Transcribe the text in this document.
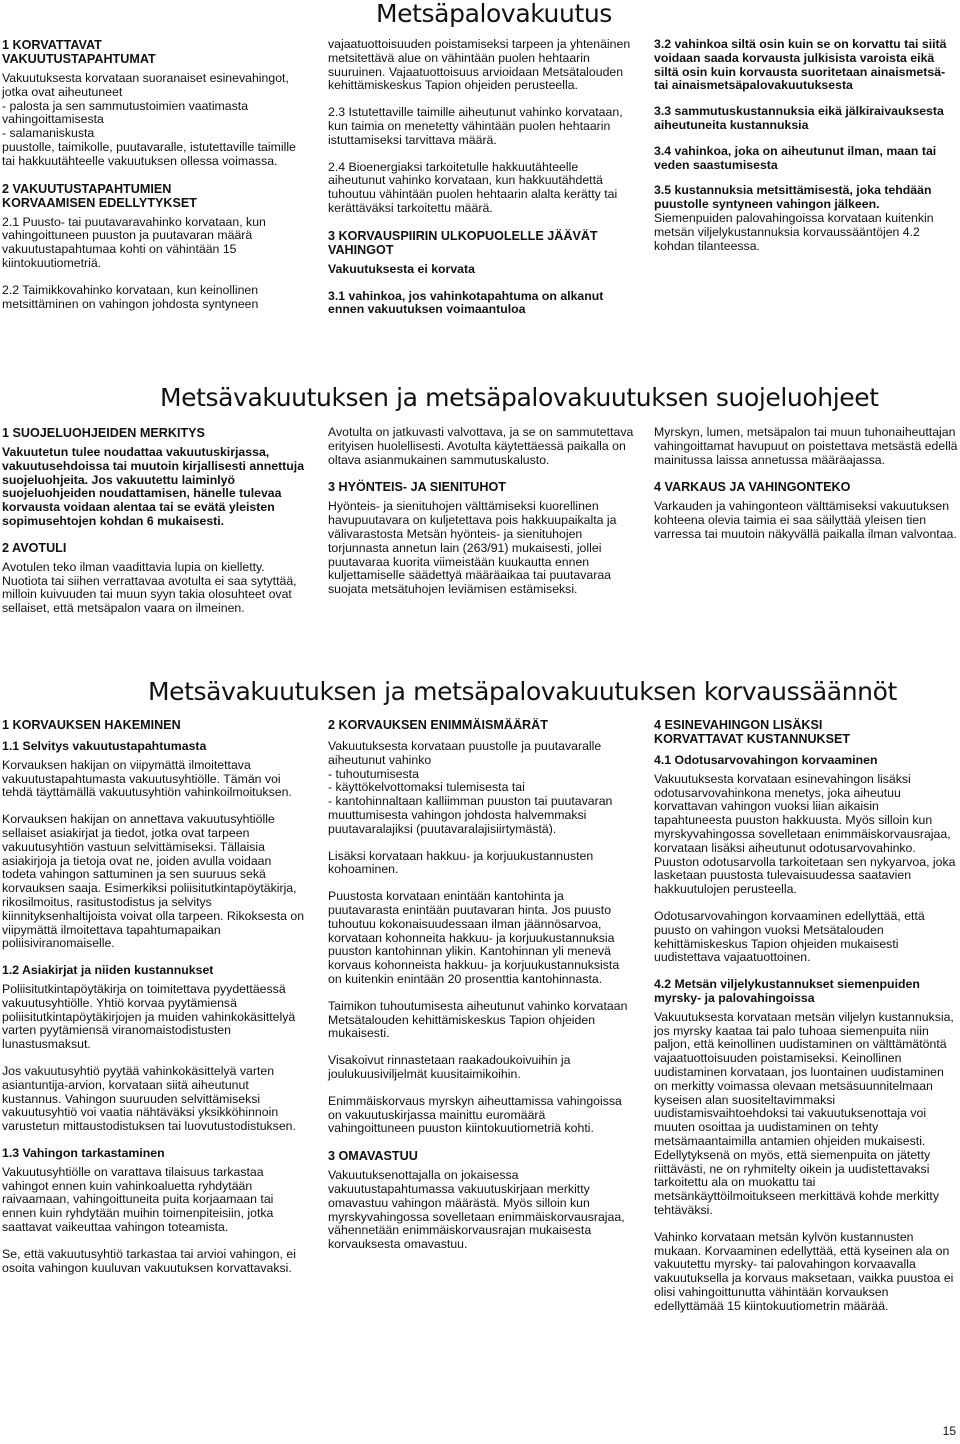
Metsäpalovakuutus
1 KORVATTAVAT VAKUUTUSTAPAHTUMAT

Vakuutuksesta korvataan suoranaiset esinevahingot, jotka ovat aiheutuneet

- palosta ja sen sammutustoimien vaatimasta vahingoittamisesta

- salamaniskusta

puustolle, taimikolle, puutavaralle, istutettaville taimille tai hakkuutähteelle vakuutuksen ollessa voimassa.

2 VAKUUTUSTAPAHTUMIEN KORVAAMISEN EDELLYTYKSET

2.1 Puusto- tai puutavaravahinko korvataan, kun vahingoittuneen puuston ja puutavaran määrä vakuutustapahtumaa kohti on vähintään 15 kiintokuutiometriä.

2.2 Taimikkovahinko korvataan, kun keinollinen metsittäminen on vahingon johdosta syntyneen

vajaatuottoisuuden poistamiseksi tarpeen ja yhtenäinen metsitettävä alue on vähintään puolen hehtaarin suuruinen. Vajaatuottoisuus arvioidaan Metsätalouden kehittämiskeskus Tapion ohjeiden perusteella.

2.3 Istutettaville taimille aiheutunut vahinko korvataan, kun taimia on menetetty vähintään puolen hehtaarin istuttamiseksi tarvittava määrä.

2.4 Bioenergiaksi tarkoitetulle hakkuutähteelle aiheutunut vahinko korvataan, kun hakkuutähdettä tuhoutuu vähintään puolen hehtaarin alalta kerätty tai kerättäväksi tarkoitettu määrä.

3 KORVAUSPIIRIN ULKOPUOLELLE JÄÄVÄT VAHINGOT

Vakuutuksesta ei korvata

3.1 vahinkoa, jos vahinkotapahtuma on alkanut ennen vakuutuksen voimaantuloa

3.2 vahinkoa siltä osin kuin se on korvattu tai siitä voidaan saada korvausta julkisista varoista eikä siltä osin kuin korvausta suoritetaan ainaismetsä- tai ainaismetsäpalovakuutuksesta

3.3 sammutuskustannuksia eikä jälkiraivauksesta aiheutuneita kustannuksia

3.4 vahinkoa, joka on aiheutunut ilman, maan tai veden saastumisesta

3.5 kustannuksia metsittämisestä, joka tehdään puustolle syntyneen vahingon jälkeen.

Siemenpuiden palovahingoissa korvataan kuitenkin metsän viljelykustannuksia korvaussääntöjen 4.2 kohdan tilanteessa.

Metsävakuutuksen ja metsäpalovakuutuksen suojeluohjeet
1 SUOJELUOHJEIDEN MERKITYS

Vakuutetun tulee noudattaa vakuutuskirjassa, vakuutusehdoissa tai muutoin kirjallisesti annettuja suojeluohjeita. Jos vakuutettu laiminlyö suojeluohjeiden noudattamisen, hänelle tulevaa korvausta voidaan alentaa tai se evätä yleisten sopimusehtojen kohdan 6 mukaisesti.

2 AVOTULI

Avotulen teko ilman vaadittavia lupia on kielletty. Nuotiota tai siihen verrattavaa avotulta ei saa sytyttää, milloin kuivuuden tai muun syyn takia olosuhteet ovat sellaiset, että metsäpalon vaara on ilmeinen.

Avotulta on jatkuvasti valvottava, ja se on sammutettava erityisen huolellisesti. Avotulta käytettäessä paikalla on oltava asianmukainen sammutuskalusto.

3 HYÖNTEIS- JA SIENITUHOT

Hyönteis- ja sienituhojen välttämiseksi kuorellinen havupuutavara on kuljetettava pois hakkuupaikalta ja välivarastosta Metsän hyönteis- ja sienituhojen torjunnasta annetun lain (263/91) mukaisesti, jollei puutavaraa kuorita viimeistään kuukautta ennen kuljettamiselle säädettyä määräaikaa tai puutavaraa suojata metsätuhojen leviämisen estämiseksi.

Myrskyn, lumen, metsäpalon tai muun tuhonaiheuttajan vahingoittamat havupuut on poistettava metsästä edellä mainitussa laissa annetussa määräajassa.

4 VARKAUS JA VAHINGONTEKO

Varkauden ja vahingonteon välttämiseksi vakuutuksen kohteena olevia taimia ei saa säilyttää yleisen tien varressa tai muutoin näkyvällä paikalla ilman valvontaa.

Metsävakuutuksen ja metsäpalovakuutuksen korvaussäännöt
1 KORVAUKSEN HAKEMINEN
1.1 Selvitys vakuutustapahtumasta

Korvauksen hakijan on viipymättä ilmoitettava vakuutustapahtumasta vakuutusyhtiölle. Tämän voi tehdä täyttämällä vakuutusyhtiön vahinkoilmoituksen.

Korvauksen hakijan on annettava vakuutusyhtiölle sellaiset asiakirjat ja tiedot, jotka ovat tarpeen vakuutusyhtiön vastuun selvittämiseksi. Tällaisia asiakirjoja ja tietoja ovat ne, joiden avulla voidaan todeta vahingon sattuminen ja sen suuruus sekä korvauksen saaja. Esimerkiksi poliisitutkintapöytäkirja, rikosilmoitus, rasitustodistus ja selvitys kiinnityksenhaltijoista voivat olla tarpeen. Rikoksesta on viipymättä ilmoitettava tapahtumapaikan poliisiviranomaiselle.

1.2 Asiakirjat ja niiden kustannukset

Poliisitutkintapöytäkirja on toimitettava pyydettäessä vakuutusyhtiölle. Yhtiö korvaa pyytämiensä poliisitutkintapöytäkirjojen ja muiden vahinkokäsittelyä varten pyytämiensä viranomaistodistusten lunastusmaksut.

Jos vakuutusyhtiö pyytää vahinkokäsittelyä varten asiantuntija-arvion, korvataan siitä aiheutunut kustannus. Vahingon suuruuden selvittämiseksi vakuutusyhtiö voi vaatia nähtäväksi yksikköhinnoin varustetun mittaustodistuksen tai luovutustodistuksen.

1.3 Vahingon tarkastaminen

Vakuutusyhtiölle on varattava tilaisuus tarkastaa vahingot ennen kuin vahinkoaluetta ryhdytään raivaamaan, vahingoittuneita puita korjaamaan tai ennen kuin ryhdytään muihin toimenpiteisiin, jotka saattavat vaikeuttaa vahingon toteamista.

Se, että vakuutusyhtiö tarkastaa tai arvioi vahingon, ei osoita vahingon kuuluvan vakuutuksen korvattavaksi.

2 KORVAUKSEN ENIMMÄISMÄÄRÄT

Vakuutuksesta korvataan puustolle ja puutavaralle aiheutunut vahinko

- tuhoutumisesta

- käyttökelvottomaksi tulemisesta tai

- kantohinnaltaan kalliimman puuston tai puutavaran muuttumisesta vahingon johdosta halvemmaksi puutavaralajiksi (puutavaralajisiirtymästä).

Lisäksi korvataan hakkuu- ja korjuukustannusten kohoaminen.

Puustosta korvataan enintään kantohinta ja puutavarasta enintään puutavaran hinta. Jos puusto tuhoutuu kokonaisuudessaan ilman jäännösarvoa, korvataan kohonneita hakkuu- ja korjuukustannuksia puuston kantohinnan ylikin. Kantohinnan yli menevä korvaus kohonneista hakkuu- ja korjuukustannuksista on kuitenkin enintään 20 prosenttia kantohinnasta.

Taimikon tuhoutumisesta aiheutunut vahinko korvataan Metsätalouden kehittämiskeskus Tapion ohjeiden mukaisesti.

Visakoivut rinnastetaan raakadoukoivuihin ja joulukuusiviljelmät kuusitaimikoihin.

Enimmäiskorvaus myrskyn aiheuttamissa vahingoissa on vakuutuskirjassa mainittu euromäärä vahingoittuneen puuston kiintokuutiometriä kohti.

3 OMAVASTUU

Vakuutuksenottajalla on jokaisessa vakuutustapahtumassa vakuutuskirjaan merkitty omavastuu vahingon määrästä. Myös silloin kun myrskyvahingossa sovelletaan enimmäiskorvausrajaa, vähennetään enimmäiskorvausrajan mukaisesta korvauksesta omavastuu.

4 ESINEVAHINGON LISÄKSI KORVATTAVAT KUSTANNUKSET
4.1 Odotusarvovahingon korvaaminen

Vakuutuksesta korvataan esinevahingon lisäksi odotusarvovahinkona menetys, joka aiheutuu korvattavan vahingon vuoksi liian aikaisin tapahtuneesta puuston hakkuusta. Myös silloin kun myrskyvahingossa sovelletaan enimmäiskorvausrajaa, korvataan lisäksi aiheutunut odotusarvovahinko. Puuston odotusarvolla tarkoitetaan sen nykyarvoa, joka lasketaan puustosta tulevaisuudessa saatavien hakkuutulojen perusteella.

Odotusarvovahingon korvaaminen edellyttää, että puusto on vahingon vuoksi Metsätalouden kehittämiskeskus Tapion ohjeiden mukaisesti uudistettava vajaatuottoinen.

4.2 Metsän viljelykustannukset siemenpuiden myrsky- ja palovahingoissa

Vakuutuksesta korvataan metsän viljelyn kustannuksia, jos myrsky kaataa tai palo tuhoaa siemenpuita niin paljon, että keinollinen uudistaminen on välttämätöntä vajaatuottoisuuden poistamiseksi. Keinollinen uudistaminen korvataan, jos luontainen uudistaminen on merkitty voimassa olevaan metsäsuunnitelmaan kyseisen alan suositeltavimmaksi uudistamisvaihtoehdoksi tai vakuutuksenottaja voi muuten osoittaa ja uudistaminen on tehty metsämaantaimilla antamien ohjeiden mukaisesti. Edellytyksenä on myös, että siemenpuita on jätetty riittävästi, ne on ryhmitelty oikein ja uudistettavaksi tarkoitettu ala on muokattu tai metsänkäyttöilmoitukseen merkittävä kohde merkitty tehtäväksi.

Vahinko korvataan metsän kylvön kustannusten mukaan. Korvaaminen edellyttää, että kyseinen ala on vakuutettu myrsky- tai palovahingon korvaavalla vakuutuksella ja korvaus maksetaan, vaikka puustoa ei olisi vahingoittunutta vähintään korvauksen edellyttämää 15 kiintokuutiometrin määrää.

15
